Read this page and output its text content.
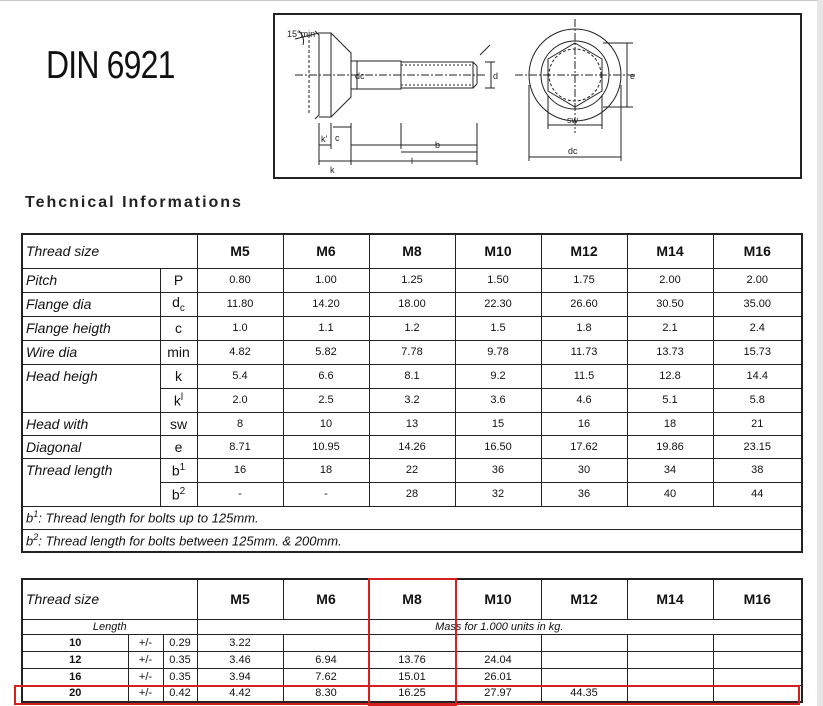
DIN 6921
15°min
dᴄ
c
k′
k
b
l
d	e
sw
dᴄ
Tehcnical Informations
Thread size		M5	M6	M8	M10	M12	M14	M16
Pitch	P	0.80	1.00	1.25	1.50	1.75	2.00	2.00
Flange dia	$d_c$	11.80	14.20	18.00	22.30	26.60	30.50	35.00
Flange heigth	c	1.0	1.1	1.2	1.5	1.8	2.1	2.4
Wire dia	min	4.82	5.82	7.78	9.78	11.73	13.73	15.73
Head heigh	k	5.4	6.6	8.1	9.2	11.5	12.8	14.4
	$k^l$	2.0	2.5	3.2	3.6	4.6	5.1	5.8
Head with	sw	8	10	13	15	16	18	21
Diagonal	e	8.71	10.95	14.26	16.50	17.62	19.86	23.15
Thread length	$b^1$	16	18	22	36	30	34	38
	$b^2$	-	-	28	32	36	40	44
$b^1$: Thread length for bolts up to 125mm.								
$b^2$: Thread length for bolts between 125mm. & 200mm.								
Thread size			M5	M6	M8	M10	M12	M14	M16
Length			Mass for 1.000 units in kg.						
10	+/-	0.29	3.22						
12	+/-	0.35	3.46	6.94	13.76	24.04			
16	+/-	0.35	3.94	7.62	15.01	26.01			
20	+/-	0.42	4.42	8.30	16.25	27.97	44.35		
